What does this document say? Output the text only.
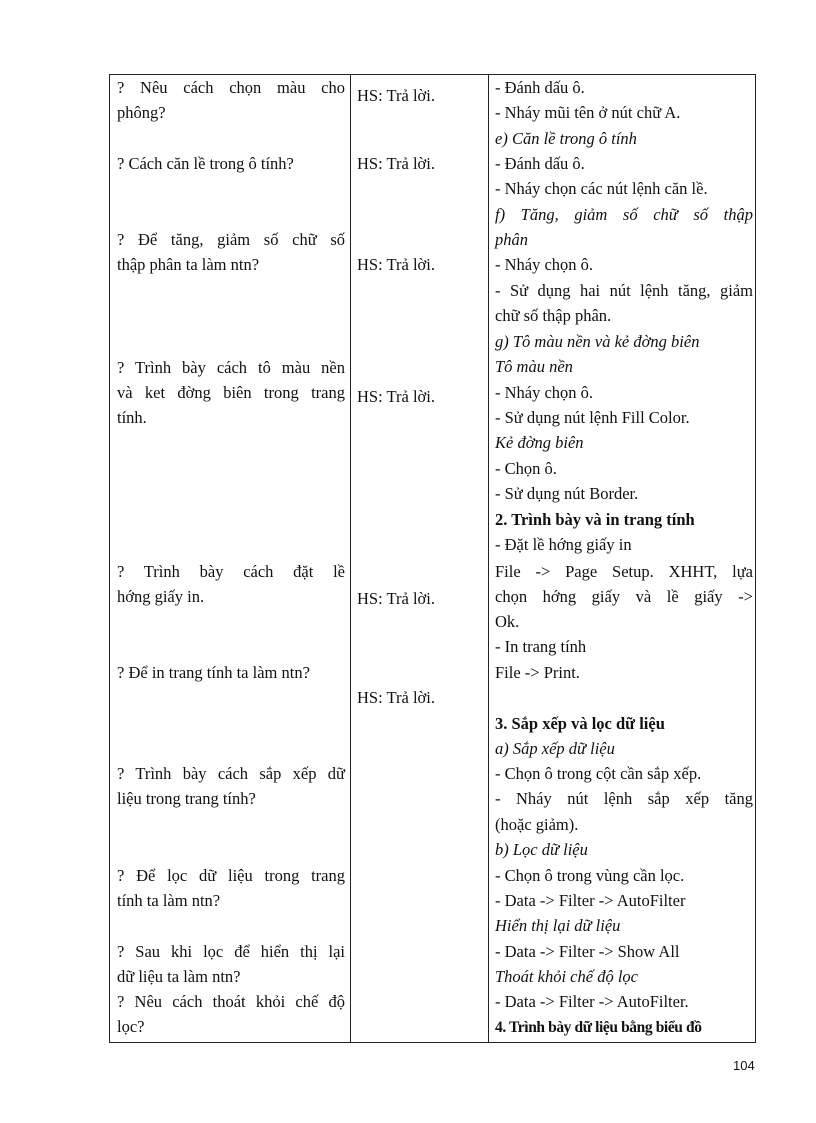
? Nêu cách chọn màu cho
phông?
? Cách căn lề trong ô tính?
? Để tăng, giảm số chữ số
thập phân ta làm ntn?
? Trình bày cách tô màu nền
và ket đờng biên trong trang
tính.
? Trình bày cách đặt lề
hớng giấy in.
? Để in trang tính ta làm ntn?
? Trình bày cách sắp xếp dữ
liệu trong trang tính?
? Để lọc dữ liệu trong trang
tính ta làm ntn?
? Sau khi lọc để hiển thị lại
dữ liệu ta làm ntn?
? Nêu cách thoát khỏi chế độ
lọc?
HS: Trả lời.
HS: Trả lời.
HS: Trả lời.
HS: Trả lời.
HS: Trả lời.
HS: Trả lời.
- Đánh dấu ô.
- Nháy mũi tên ở nút chữ A.
e) Căn lề trong ô tính
- Đánh dấu ô.
- Nháy chọn các nút lệnh căn lề.
f) Tăng, giảm số chữ số thập
phân
- Nháy chọn ô.
- Sử dụng hai nút lệnh tăng, giảm
chữ số thập phân.
g) Tô màu nền và kẻ đờng biên
Tô màu nền
- Nháy chọn ô.
- Sử dụng nút lệnh Fill Color.
Kẻ đờng biên
- Chọn ô.
- Sử dụng nút Border.
2. Trình bày và in trang tính
- Đặt lề hớng giấy in
File -> Page Setup. XHHT, lựa
chọn hớng giấy và lề giấy ->
Ok.
- In trang tính
File -> Print.
3. Sắp xếp và lọc dữ liệu
a) Sắp xếp dữ liệu
- Chọn ô trong cột cần sắp xếp.
- Nháy nút lệnh sắp xếp tăng
(hoặc giảm).
b) Lọc dữ liệu
- Chọn ô trong vùng cần lọc.
- Data -> Filter -> AutoFilter
Hiển thị lại dữ liệu
- Data -> Filter -> Show All
Thoát khỏi chế độ lọc
- Data -> Filter -> AutoFilter.
4. Trình bày dữ liệu bằng biểu đồ
104
